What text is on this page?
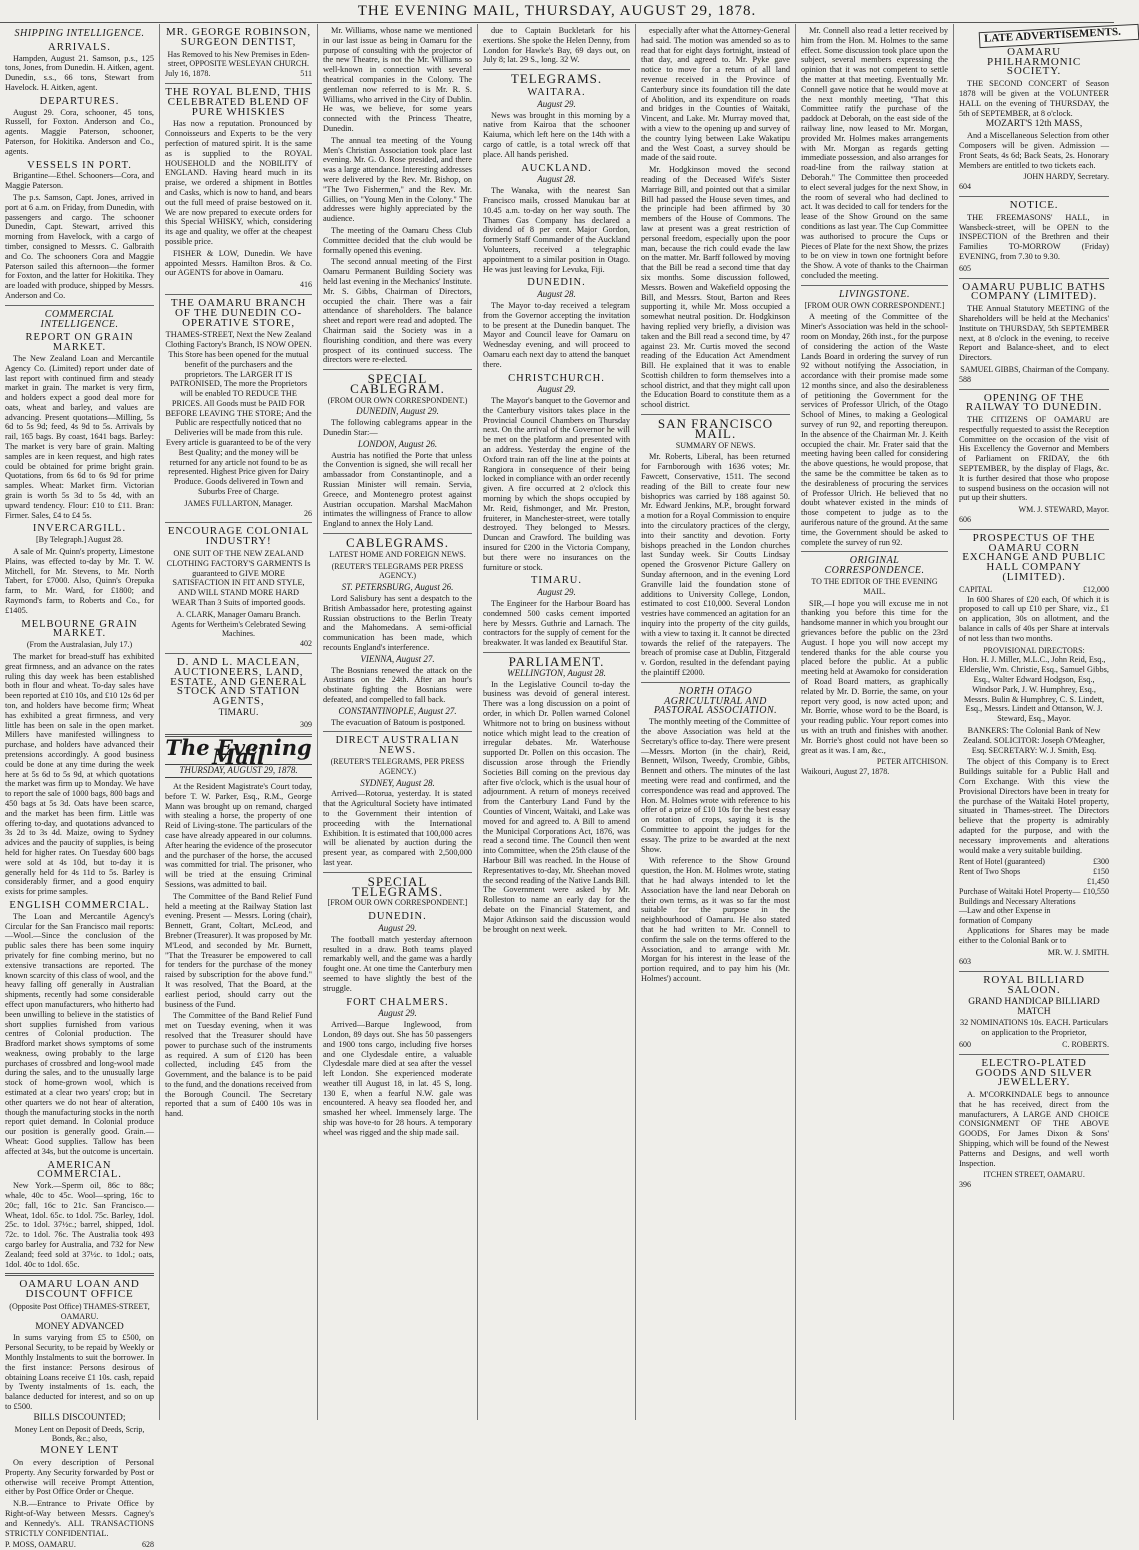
THE EVENING MAIL, THURSDAY, AUGUST 29, 1878.
SHIPPING INTELLIGENCE.
ARRIVALS.

Hampden, August 21. Samson, p.s., 125 tons, Jones, from Dunedin. H. Aitken, agent. Dunedin, s.s., 66 tons, Stewart from Havelock. H. Aitken, agent.

DEPARTURES.

August 29. Cora, schooner, 45 tons, Russell, for Foxton. Anderson and Co., agents. Maggie Paterson, schooner, Paterson, for Hokitika. Anderson and Co., agents.

VESSELS IN PORT.

Brigantine—Ethel. Schooners—Cora, and Maggie Paterson.

The p.s. Samson, Capt. Jones, arrived in port at 6 a.m. on Friday, from Dunedin, with passengers and cargo. The schooner Dunedin, Capt. Stewart, arrived this morning from Havelock, with a cargo of timber, consigned to Messrs. C. Galbraith and Co. The schooners Cora and Maggie Paterson sailed this afternoon—the former for Foxton, and the latter for Hokitika. They are loaded with produce, shipped by Messrs. Anderson and Co.

COMMERCIAL INTELLIGENCE.
REPORT ON GRAIN MARKET.

The New Zealand Loan and Mercantile Agency Co. (Limited) report under date of last report with continued firm and steady market in grain. The market is very firm, and holders expect a good deal more for oats, wheat and barley, and values are advancing. Present quotations—Milling, 5s 6d to 5s 9d; feed, 4s 9d to 5s. Arrivals by rail, 165 bags. By coast, 1641 bags. Barley: The market is very bare of grain. Malting samples are in keen request, and high rates could be obtained for prime bright grain. Quotations, from 6s 6d to 6s 9d for prime samples. Wheat: Market firm. Victorian grain is worth 5s 3d to 5s 4d, with an upward tendency. Flour: £10 to £11. Bran: Firmer. Sales, £4 to £4 5s.

INVERCARGILL.
[By Telegraph.] August 28.

A sale of Mr. Quinn's property, Limestone Plains, was effected to-day by Mr. T. W. Mitchell, for Mr. Stevens, to Mr. North Tabert, for £7000. Also, Quinn's Orepuka farm, to Mr. Ward, for £1800; and Raymond's farm, to Roberts and Co., for £1405.

MELBOURNE GRAIN MARKET.
(From the Australasian, July 17.)

The market for bread-stuff has exhibited great firmness, and an advance on the rates ruling this day week has been established both in flour and wheat. To-day sales have been reported at £10 10s, and £10 12s 6d per ton, and holders have become firm; Wheat has exhibited a great firmness, and very little has been on sale in the open market. Millers have manifested willingness to purchase, and holders have advanced their pretensions accordingly. A good business could be done at any time during the week here at 5s 6d to 5s 9d, at which quotations the market was firm up to Monday. We have to report the sale of 1000 bags, 800 bags and 450 bags at 5s 3d. Oats have been scarce, and the market has been firm. Little was offering to-day, and quotations advanced to 3s 2d to 3s 4d. Maize, owing to Sydney advices and the paucity of supplies, is being held for higher rates. On Tuesday 600 bags were sold at 4s 10d, but to-day it is generally held for 4s 11d to 5s. Barley is considerably firmer, and a good enquiry exists for prime samples.

ENGLISH COMMERCIAL.

The Loan and Mercantile Agency's Circular for the San Francisco mail reports:—Wool.—Since the conclusion of the public sales there has been some inquiry privately for fine combing merino, but no extensive transactions are reported. The known scarcity of this class of wool, and the heavy falling off generally in Australian shipments, recently had some considerable effect upon manufacturers, who hitherto had been unwilling to believe in the statistics of short supplies furnished from various centres of Colonial production. The Bradford market shows symptoms of some weakness, owing probably to the large purchases of crossbred and long-wool made during the sales, and to the unusually large stock of home-grown wool, which is estimated at a clear two years' crop; but in other quarters we do not hear of alteration, though the manufacturing stocks in the north report quiet demand. In Colonial produce our position is generally good. Grain.—Wheat: Good supplies. Tallow has been affected at 34s, but the outcome is uncertain.

AMERICAN COMMERCIAL.

New York.—Sperm oil, 86c to 88c; whale, 40c to 45c. Wool—spring, 16c to 20c; fall, 16c to 21c. San Francisco.—Wheat, 1dol. 65c. to 1dol. 75c. Barley, 1dol. 25c. to 1dol. 37½c.; barrel, shipped, 1dol. 72c. to 1dol. 76c. The Australia took 493 cargo barley for Australia, and 732 for New Zealand; feed sold at 37½c. to 1dol.; oats, 1dol. 40c to 1dol. 65c.

OAMARU LOAN AND DISCOUNT OFFICE
(Opposite Post Office) THAMES-STREET, OAMARU.
MONEY ADVANCED

In sums varying from £5 to £500, on Personal Security, to be repaid by Weekly or Monthly Instalments to suit the borrower. In the first instance: Persons desirous of obtaining Loans receive £1 10s. cash, repaid by Twenty instalments of 1s. each, the balance deducted for interest, and so on up to £500.

BILLS DISCOUNTED;
Money Lent on Deposit of Deeds, Scrip, Bonds, &c.; also,
MONEY LENT

On every description of Personal Property. Any Security forwarded by Post or otherwise will receive Prompt Attention, either by Post Office Order or Cheque.

N.B.—Entrance to Private Office by Right-of-Way between Messrs. Cagney's and Kennedy's. ALL TRANSACTIONS STRICTLY CONFIDENTIAL.

P. MOSS, OAMARU.	628
MR. GEORGE ROBINSON, SURGEON DENTIST,
Has Removed to his New Premises in Eden-street, OPPOSITE WESLEYAN CHURCH.
July 16, 1878.	511
THE ROYAL BLEND, THIS CELEBRATED BLEND OF PURE WHISKIES

Has now a reputation. Pronounced by Connoisseurs and Experts to be the very perfection of matured spirit. It is the same as is supplied to the ROYAL HOUSEHOLD and the NOBILITY of ENGLAND. Having heard much in its praise, we ordered a shipment in Bottles and Casks, which is now to hand, and bears out the full meed of praise bestowed on it. We are now prepared to execute orders for this Special WHISKY, which, considering its age and quality, we offer at the cheapest possible price.

FISHER & LOW, Dunedin. We have appointed Messrs. Hamilton Bros. & Co. our AGENTS for above in Oamaru.

416
THE OAMARU BRANCH OF THE DUNEDIN CO-OPERATIVE STORE,

THAMES-STREET, Next the New Zealand Clothing Factory's Branch, IS NOW OPEN. This Store has been opened for the mutual benefit of the purchasers and the proprietors. The LARGER IT IS PATRONISED, The more the Proprietors will be enabled TO REDUCE THE PRICES. All Goods must be PAID FOR BEFORE LEAVING THE STORE; And the Public are respectfully noticed that no Deliveries will be made from this rule. Every article is guaranteed to be of the very Best Quality; and the money will be returned for any article not found to be as represented. Highest Price given for Dairy Produce. Goods delivered in Town and Suburbs Free of Charge.

JAMES FULLARTON, Manager.
26
ENCOURAGE COLONIAL INDUSTRY!

ONE SUIT OF THE NEW ZEALAND CLOTHING FACTORY'S GARMENTS Is guaranteed to GIVE MORE SATISFACTION IN FIT AND STYLE, AND WILL STAND MORE HARD WEAR Than 3 Suits of imported goods.

A. CLARK, Manager Oamaru Branch.
Agents for Wertheim's Celebrated Sewing Machines.
402
D. AND L. MACLEAN, AUCTIONEERS, LAND, ESTATE, AND GENERAL STOCK AND STATION AGENTS,
TIMARU.
309
The Evening Mail
THURSDAY, AUGUST 29, 1878.

At the Resident Magistrate's Court today, before T. W. Parker, Esq., R.M., George Mann was brought up on remand, charged with stealing a horse, the property of one Reid of Living-stone. The particulars of the case have already appeared in our columns. After hearing the evidence of the prosecutor and the purchaser of the horse, the accused was committed for trial. The prisoner, who will be tried at the ensuing Criminal Sessions, was admitted to bail.

The Committee of the Band Relief Fund held a meeting at the Railway Station last evening. Present — Messrs. Loring (chair), Bennett, Grant, Coltart, McLeod, and Brebner (Treasurer). It was proposed by Mr. M'Leod, and seconded by Mr. Burnett, "That the Treasurer be empowered to call for tenders for the purchase of the money raised by subscription for the above fund." It was resolved, That the Board, at the earliest period, should carry out the business of the Fund.

The Committee of the Band Relief Fund met on Tuesday evening, when it was resolved that the Treasurer should have power to purchase such of the instruments as required. A sum of £120 has been collected, including £45 from the Government, and the balance is to be paid to the fund, and the donations received from the Borough Council. The Secretary reported that a sum of £400 10s was in hand.

Mr. Williams, whose name we mentioned in our last issue as being in Oamaru for the purpose of consulting with the projector of the new Theatre, is not the Mr. Williams so well-known in connection with several theatrical companies in the Colony. The gentleman now referred to is Mr. R. S. Williams, who arrived in the City of Dublin. He was, we believe, for some years connected with the Princess Theatre, Dunedin.

The annual tea meeting of the Young Men's Christian Association took place last evening. Mr. G. O. Rose presided, and there was a large attendance. Interesting addresses were delivered by the Rev. Mr. Bishop, on "The Two Fishermen," and the Rev. Mr. Gillies, on "Young Men in the Colony." The addresses were highly appreciated by the audience.

The meeting of the Oamaru Chess Club Committee decided that the club would be formally opened this evening.

The second annual meeting of the First Oamaru Permanent Building Society was held last evening in the Mechanics' Institute. Mr. S. Gibbs, Chairman of Directors, occupied the chair. There was a fair attendance of shareholders. The balance sheet and report were read and adopted. The Chairman said the Society was in a flourishing condition, and there was every prospect of its continued success. The directors were re-elected.

SPECIAL CABLEGRAM.
(FROM OUR OWN CORRESPONDENT.)
DUNEDIN, August 29.

The following cablegrams appear in the Dunedin Star:—

LONDON, August 26.

Austria has notified the Porte that unless the Convention is signed, she will recall her ambassador from Constantinople, and a Russian Minister will remain. Servia, Greece, and Montenegro protest against Austrian occupation. Marshal MacMahon intimates the willingness of France to allow England to annex the Holy Land.

CABLEGRAMS.
LATEST HOME AND FOREIGN NEWS.
(REUTER'S TELEGRAMS PER PRESS AGENCY.)
ST. PETERSBURG, August 26.

Lord Salisbury has sent a despatch to the British Ambassador here, protesting against Russian obstructions to the Berlin Treaty and the Mahomedans. A semi-official communication has been made, which recounts England's interference.

VIENNA, August 27.

The Bosnians renewed the attack on the Austrians on the 24th. After an hour's obstinate fighting the Bosnians were defeated, and compelled to fall back.

CONSTANTINOPLE, August 27.

The evacuation of Batoum is postponed.

DIRECT AUSTRALIAN NEWS.
(REUTER'S TELEGRAMS, PER PRESS AGENCY.)
SYDNEY, August 28.

Arrived—Rotorua, yesterday. It is stated that the Agricultural Society have intimated to the Government their intention of proceeding with the International Exhibition. It is estimated that 100,000 acres will be alienated by auction during the present year, as compared with 2,500,000 last year.

SPECIAL TELEGRAMS.
[FROM OUR OWN CORRESPONDENT.]
DUNEDIN.
August 29.

The football match yesterday afternoon resulted in a draw. Both teams played remarkably well, and the game was a hardly fought one. At one time the Canterbury men seemed to have slightly the best of the struggle.

FORT CHALMERS.
August 29.

Arrived—Barque Inglewood, from London, 89 days out. She has 50 passengers and 1900 tons cargo, including five horses and one Clydesdale entire, a valuable Clydesdale mare died at sea after the vessel left London. She experienced moderate weather till August 18, in lat. 45 S, long. 130 E, when a fearful N.W. gale was encountered. A heavy sea flooded her, and smashed her wheel. Immensely large. The ship was hove-to for 28 hours. A temporary wheel was rigged and the ship made sail.

due to Captain Buckletark for his exertions. She spoke the Helen Denny, from London for Hawke's Bay, 69 days out, on July 8; lat. 29 S., long. 32 W.

TELEGRAMS.
WAITARA.
August 29.

News was brought in this morning by a native from Kairoa that the schooner Kaiuma, which left here on the 14th with a cargo of cattle, is a total wreck off that place. All hands perished.

AUCKLAND.
August 28.

The Wanaka, with the nearest San Francisco mails, crossed Manukau bar at 10.45 a.m. to-day on her way south. The Thames Gas Company has declared a dividend of 8 per cent. Major Gordon, formerly Staff Commander of the Auckland Volunteers, received a telegraphic appointment to a similar position in Otago. He was just leaving for Levuka, Fiji.

DUNEDIN.
August 28.

The Mayor to-day received a telegram from the Governor accepting the invitation to be present at the Dunedin banquet. The Mayor and Council leave for Oamaru on Wednesday evening, and will proceed to Oamaru each next day to attend the banquet there.

CHRISTCHURCH.
August 29.

The Mayor's banquet to the Governor and the Canterbury visitors takes place in the Provincial Council Chambers on Thursday next. On the arrival of the Governor he will be met on the platform and presented with an address. Yesterday the engine of the Oxford train ran off the line at the points at Rangiora in consequence of their being locked in compliance with an order recently given. A fire occurred at 2 o'clock this morning by which the shops occupied by Mr. Reid, fishmonger, and Mr. Preston, fruiterer, in Manchester-street, were totally destroyed. They belonged to Messrs. Duncan and Crawford. The building was insured for £200 in the Victoria Company, but there were no insurances on the furniture or stock.

TIMARU.
August 29.

The Engineer for the Harbour Board has condemned 500 casks cement imported here by Messrs. Guthrie and Larnach. The contractors for the supply of cement for the breakwater. It was landed ex Beautiful Star.

PARLIAMENT.
WELLINGTON, August 28.

In the Legislative Council to-day the business was devoid of general interest. There was a long discussion on a point of order, in which Dr. Pollen warned Colonel Whitmore not to bring on business without notice which might lead to the creation of irregular debates. Mr. Waterhouse supported Dr. Pollen on this occasion. The discussion arose through the Friendly Societies Bill coming on the previous day after five o'clock, which is the usual hour of adjournment. A return of moneys received from the Canterbury Land Fund by the Counties of Vincent, Waitaki, and Lake was moved for and agreed to. A Bill to amend the Municipal Corporations Act, 1876, was read a second time. The Council then went into Committee, when the 25th clause of the Harbour Bill was reached. In the House of Representatives to-day, Mr. Sheehan moved the second reading of the Native Lands Bill. The Government were asked by Mr. Rolleston to name an early day for the debate on the Financial Statement, and Major Atkinson said the discussion would be brought on next week.

especially after what the Attorney-General had said. The motion was amended so as to read that for eight days fortnight, instead of that day, and agreed to. Mr. Pyke gave notice to move for a return of all land revenue received in the Province of Canterbury since its foundation till the date of Abolition, and its expenditure on roads and bridges in the Counties of Waitaki, Vincent, and Lake. Mr. Murray moved that, with a view to the opening up and survey of the country lying between Lake Wakatipu and the West Coast, a survey should be made of the said route.

Mr. Hodgkinson moved the second reading of the Deceased Wife's Sister Marriage Bill, and pointed out that a similar Bill had passed the House seven times, and the principle had been affirmed by 30 members of the House of Commons. The law at present was a great restriction of personal freedom, especially upon the poor man, because the rich could evade the law on the matter. Mr. Barff followed by moving that the Bill be read a second time that day six months. Some discussion followed, Messrs. Bowen and Wakefield opposing the Bill, and Messrs. Stout, Barton and Rees supporting it, while Mr. Moss occupied a somewhat neutral position. Dr. Hodgkinson having replied very briefly, a division was taken and the Bill read a second time, by 47 against 23. Mr. Curtis moved the second reading of the Education Act Amendment Bill. He explained that it was to enable Scottish children to form themselves into a school district, and that they might call upon the Education Board to constitute them as a school district.

SAN FRANCISCO MAIL.
SUMMARY OF NEWS.

Mr. Roberts, Liberal, has been returned for Farnborough with 1636 votes; Mr. Fawcett, Conservative, 1511. The second reading of the Bill to create four new bishoprics was carried by 188 against 50. Mr. Edward Jenkins, M.P., brought forward a motion for a Royal Commission to enquire into the circulatory practices of the clergy, into their sanctity and devotion. Forty bishops preached in the London churches last Sunday week. Sir Coutts Lindsay opened the Grosvenor Picture Gallery on Sunday afternoon, and in the evening Lord Granville laid the foundation stone of additions to University College, London, estimated to cost £10,000. Several London vestries have commenced an agitation for an inquiry into the property of the city guilds, with a view to taxing it. It cannot be directed towards the relief of the ratepayers. The breach of promise case at Dublin, Fitzgerald v. Gordon, resulted in the defendant paying the plaintiff £2000.

NORTH OTAGO AGRICULTURAL AND PASTORAL ASSOCIATION.

The monthly meeting of the Committee of the above Association was held at the Secretary's office to-day. There were present—Messrs. Morton (in the chair), Reid, Bennett, Wilson, Tweedy, Crombie, Gibbs, Bennett and others. The minutes of the last meeting were read and confirmed, and the correspondence was read and approved. The Hon. M. Holmes wrote with reference to his offer of a prize of £10 10s for the best essay on rotation of crops, saying it is the Committee to appoint the judges for the essay. The prize to be awarded at the next Show.

With reference to the Show Ground question, the Hon. M. Holmes wrote, stating that he had always intended to let the Association have the land near Deborah on their own terms, as it was so far the most suitable for the purpose in the neighbourhood of Oamaru. He also stated that he had written to Mr. Connell to confirm the sale on the terms offered to the Association, and to arrange with Mr. Morgan for his interest in the lease of the portion required, and to pay him his (Mr. Holmes') account.

Mr. Connell also read a letter received by him from the Hon. M. Holmes to the same effect. Some discussion took place upon the subject, several members expressing the opinion that it was not competent to settle the matter at that meeting. Eventually Mr. Connell gave notice that he would move at the next monthly meeting, "That this Committee ratify the purchase of the paddock at Deborah, on the east side of the railway line, now leased to Mr. Morgan, provided Mr. Holmes makes arrangements with Mr. Morgan as regards getting immediate possession, and also arranges for road-line from the railway station at Deborah." The Committee then proceeded to elect several judges for the next Show, in the room of several who had declined to act. It was decided to call for tenders for the lease of the Show Ground on the same conditions as last year. The Cup Committee was authorised to procure the Cups or Pieces of Plate for the next Show, the prizes to be on view in town one fortnight before the Show. A vote of thanks to the Chairman concluded the meeting.

LIVINGSTONE.
[FROM OUR OWN CORRESPONDENT.]

A meeting of the Committee of the Miner's Association was held in the school-room on Monday, 26th inst., for the purpose of considering the action of the Waste Lands Board in ordering the survey of run 92 without notifying the Association, in accordance with their promise made some 12 months since, and also the desirableness of petitioning the Government for the services of Professor Ulrich, of the Otago School of Mines, to making a Geological survey of run 92, and reporting thereupon. In the absence of the Chairman Mr. J. Keith occupied the chair. Mr. Frater said that the meeting having been called for considering the above questions, he would propose, that the same be the committee be taken as to the desirableness of procuring the services of Professor Ulrich. He believed that no doubt whatever existed in the minds of those competent to judge as to the auriferous nature of the ground. At the same time, the Government should be asked to complete the survey of run 92.

ORIGINAL CORRESPONDENCE.
TO THE EDITOR OF THE EVENING MAIL.

SIR,—I hope you will excuse me in not thanking you before this time for the handsome manner in which you brought our grievances before the public on the 23rd August. I hope you will now accept my tendered thanks for the able course you placed before the public. At a public meeting held at Awamoko for consideration of Road Board matters, as graphically related by Mr. D. Borrie, the same, on your report very good, is now acted upon; and Mr. Borrie, whose word to be the Board, is your reading public. Your report comes into us with an truth and finishes with another. Mr. Borrie's ghost could not have been so great as it was. I am, &c.,

PETER AITCHISON.
Waikouri, August 27, 1878.
LATE ADVERTISEMENTS.
OAMARU PHILHARMONIC SOCIETY.

THE SECOND CONCERT of Season 1878 will be given at the VOLUNTEER HALL on the evening of THURSDAY, the 5th of SEPTEMBER, at 8 o'clock.

MOZART'S 12th MASS,

And a Miscellaneous Selection from other Composers will be given. Admission — Front Seats, 4s 6d; Back Seats, 2s. Honorary Members are entitled to two tickets each.

JOHN HARDY, Secretary.
604
NOTICE.

THE FREEMASONS' HALL, in Wansbeck-street, will be OPEN to the INSPECTION of the Brethren and their Families TO-MORROW (Friday) EVENING, from 7.30 to 9.30.

605
OAMARU PUBLIC BATHS COMPANY (LIMITED).

THE Annual Statutory MEETING of the Shareholders will be held at the Mechanics' Institute on THURSDAY, 5th SEPTEMBER next, at 8 o'clock in the evening, to receive Report and Balance-sheet, and to elect Directors.

SAMUEL GIBBS, Chairman of the Company.
588
OPENING OF THE RAILWAY TO DUNEDIN.

THE CITIZENS OF OAMARU are respectfully requested to assist the Reception Committee on the occasion of the visit of His Excellency the Governor and Members of Parliament on FRIDAY, the 6th SEPTEMBER, by the display of Flags, &c. It is further desired that those who propose to suspend business on the occasion will not put up their shutters.

WM. J. STEWARD, Mayor.
606
PROSPECTUS OF THE OAMARU CORN EXCHANGE AND PUBLIC HALL COMPANY (LIMITED).
CAPITAL	£12,000

In 600 Shares of £20 each, Of which it is proposed to call up £10 per Share, viz., £1 on application, 30s on allotment, and the balance in calls of 40s per Share at intervals of not less than two months.

PROVISIONAL DIRECTORS:

Hon. H. J. Miller, M.L.C., John Reid, Esq., Elderslie, Wm. Christie, Esq., Samuel Gibbs, Esq., Walter Edward Hodgson, Esq., Windsor Park, J. W. Humphrey, Esq., Messrs. Bulin & Humphrey, C. S. Lindett, Esq., Messrs. Lindett and Ottanson, W. J. Steward, Esq., Mayor.

BANKERS: The Colonial Bank of New Zealand. SOLICITOR: Joseph O'Meagher, Esq. SECRETARY: W. J. Smith, Esq.

The object of this Company is to Erect Buildings suitable for a Public Hall and Corn Exchange. With this view the Provisional Directors have been in treaty for the purchase of the Waitaki Hotel property, situated in Thames-street. The Directors believe that the property is admirably adapted for the purpose, and with the necessary improvements and alterations would make a very suitable building.

Rent of Hotel (guaranteed)	£300
Rent of Two Shops	£150
£1,450
Purchase of Waitaki Hotel Property—Buildings and Necessary Alterations—Law and other Expense in formation of Company
£10,550

Applications for Shares may be made either to the Colonial Bank or to

MR. W. J. SMITH.
603
ROYAL BILLIARD SALOON.
GRAND HANDICAP BILLIARD MATCH

32 NOMINATIONS 10s. EACH. Particulars on application to the Proprietor,

600	C. ROBERTS.
ELECTRO-PLATED GOODS AND SILVER JEWELLERY.

A. M'CORKINDALE begs to announce that he has received, direct from the manufacturers, A LARGE AND CHOICE CONSIGNMENT OF THE ABOVE GOODS, For James Dixon & Sons' Shipping, which will be found of the Newest Patterns and Designs, and well worth Inspection.

ITCHEN STREET, OAMARU.
396
